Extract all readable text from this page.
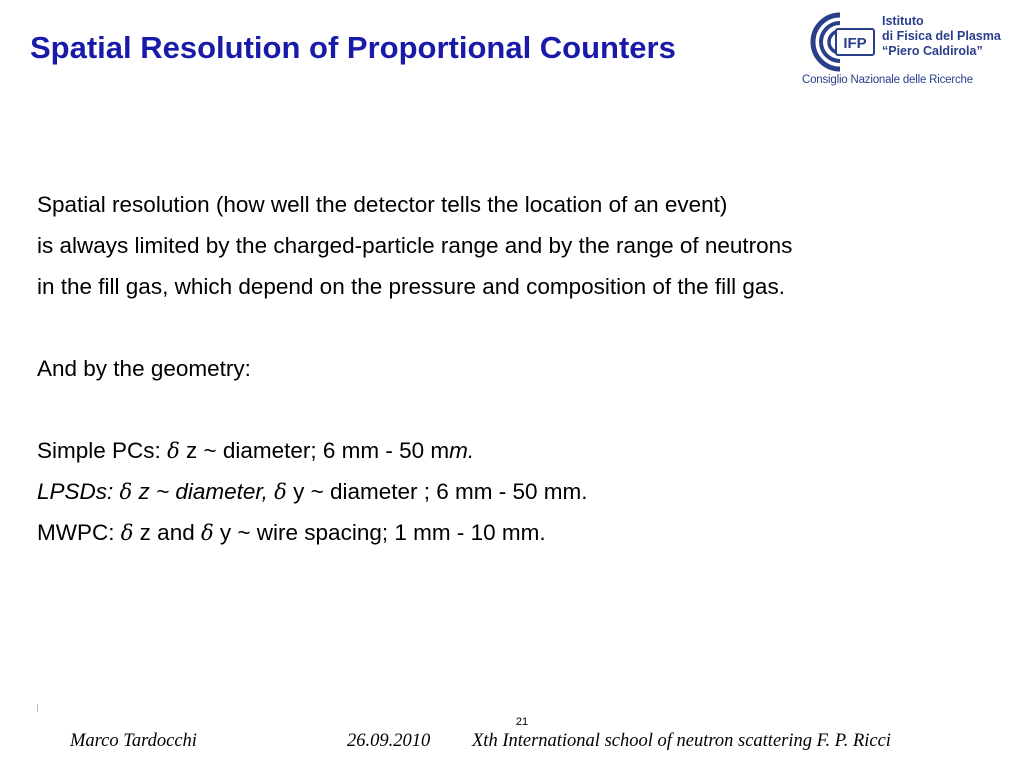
Spatial Resolution of Proportional Counters	IFP
Istituto
di Fisica del Plasma
“Piero Caldirola”
Consiglio Nazionale delle Ricerche
Spatial resolution (how well the detector tells the location of an event)
is always limited by the charged-particle range and by the range of neutrons
in the fill gas, which depend on the pressure and composition of the fill gas.
And by the geometry:
Simple PCs: δ z ~ diameter; 6 mm - 50 mm.
LPSDs: δ z ~ diameter, δ y ~ diameter ; 6 mm - 50 mm.
MWPC: δ z and δ y ~ wire spacing; 1 mm - 10 mm.
21
Marco Tardocchi	26.09.2010 Xth International school of neutron scattering F. P. Ricci
